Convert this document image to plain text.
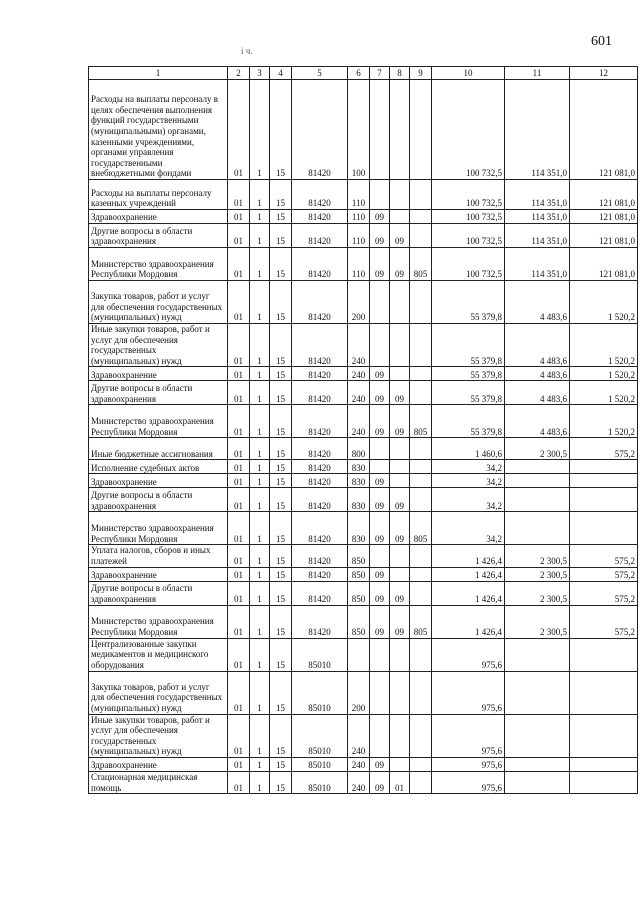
601
і ч.
1	2	3	4	5	6	7	8	9	10	11	12
Расходы на выплаты персоналу в целях обеспечения выполнения функций государственными (муниципальными) органами, казенными учреждениями, органами управления государственными внебюджетными фондами	01	1	15	81420	100				100 732,5	114 351,0	121 081,0
Расходы на выплаты персоналу казенных учреждений	01	1	15	81420	110				100 732,5	114 351,0	121 081,0
Здравоохранение	01	1	15	81420	110	09			100 732,5	114 351,0	121 081,0
Другие вопросы в области здравоохранения	01	1	15	81420	110	09	09		100 732,5	114 351,0	121 081,0
Министерство здравоохранения Республики Мордовия	01	1	15	81420	110	09	09	805	100 732,5	114 351,0	121 081,0
Закупка товаров, работ и услуг для обеспечения государственных (муниципальных) нужд	01	1	15	81420	200				55 379,8	4 483,6	1 520,2
Иные закупки товаров, работ и услуг для обеспечения государственных (муниципальных) нужд	01	1	15	81420	240				55 379,8	4 483,6	1 520,2
Здравоохранение	01	1	15	81420	240	09			55 379,8	4 483,6	1 520,2
Другие вопросы в области здравоохранения	01	1	15	81420	240	09	09		55 379,8	4 483,6	1 520,2
Министерство здравоохранения Республики Мордовия	01	1	15	81420	240	09	09	805	55 379,8	4 483,6	1 520,2
Иные бюджетные ассигнования	01	1	15	81420	800				1 460,6	2 300,5	575,2
Исполнение судебных актов	01	1	15	81420	830				34,2		
Здравоохранение	01	1	15	81420	830	09			34,2		
Другие вопросы в области здравоохранения	01	1	15	81420	830	09	09		34,2		
Министерство здравоохранения Республики Мордовия	01	1	15	81420	830	09	09	805	34,2		
Уплата налогов, сборов и иных платежей	01	1	15	81420	850				1 426,4	2 300,5	575,2
Здравоохранение	01	1	15	81420	850	09			1 426,4	2 300,5	575,2
Другие вопросы в области здравоохранения	01	1	15	81420	850	09	09		1 426,4	2 300,5	575,2
Министерство здравоохранения Республики Мордовия	01	1	15	81420	850	09	09	805	1 426,4	2 300,5	575,2
Централизованные закупки медикаментов и медицинского оборудования	01	1	15	85010					975,6		
Закупка товаров, работ и услуг для обеспечения государственных (муниципальных) нужд	01	1	15	85010	200				975,6		
Иные закупки товаров, работ и услуг для обеспечения государственных (муниципальных) нужд	01	1	15	85010	240				975,6		
Здравоохранение	01	1	15	85010	240	09			975,6		
Стационарная медицинская помощь	01	1	15	85010	240	09	01		975,6		
